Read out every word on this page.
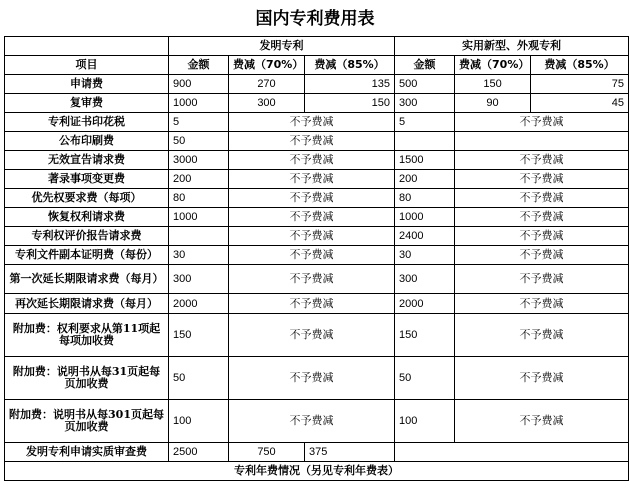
国内专利费用表
	发明专利			实用新型、外观专利		
项目	金额	费减（70%）	费减（85%）	金额	费减（70%）	费减（85%）
申请费	900	270	135	500	150	75
复审费	1000	300	150	300	90	45
专利证书印花税	5	不予费减		5	不予费减	
公布印刷费	50	不予费减				
无效宣告请求费	3000	不予费减		1500	不予费减	
著录事项变更费	200	不予费减		200	不予费减	
优先权要求费（每项）	80	不予费减		80	不予费减	
恢复权利请求费	1000	不予费减		1000	不予费减	
专利权评价报告请求费		不予费减		2400	不予费减	
专利文件副本证明费（每份）	30	不予费减		30	不予费减	
第一次延长期限请求费（每月）	300	不予费减		300	不予费减	
再次延长期限请求费（每月）	2000	不予费减		2000	不予费减	
附加费：权利要求从第11项起每项加收费	150	不予费减		150	不予费减	
附加费：说明书从每31页起每页加收费	50	不予费减		50	不予费减	
附加费：说明书从每301页起每页加收费	100	不予费减		100	不予费减	
发明专利申请实质审查费	2500	750	375			
专利年费情况（另见专利年费表）						
